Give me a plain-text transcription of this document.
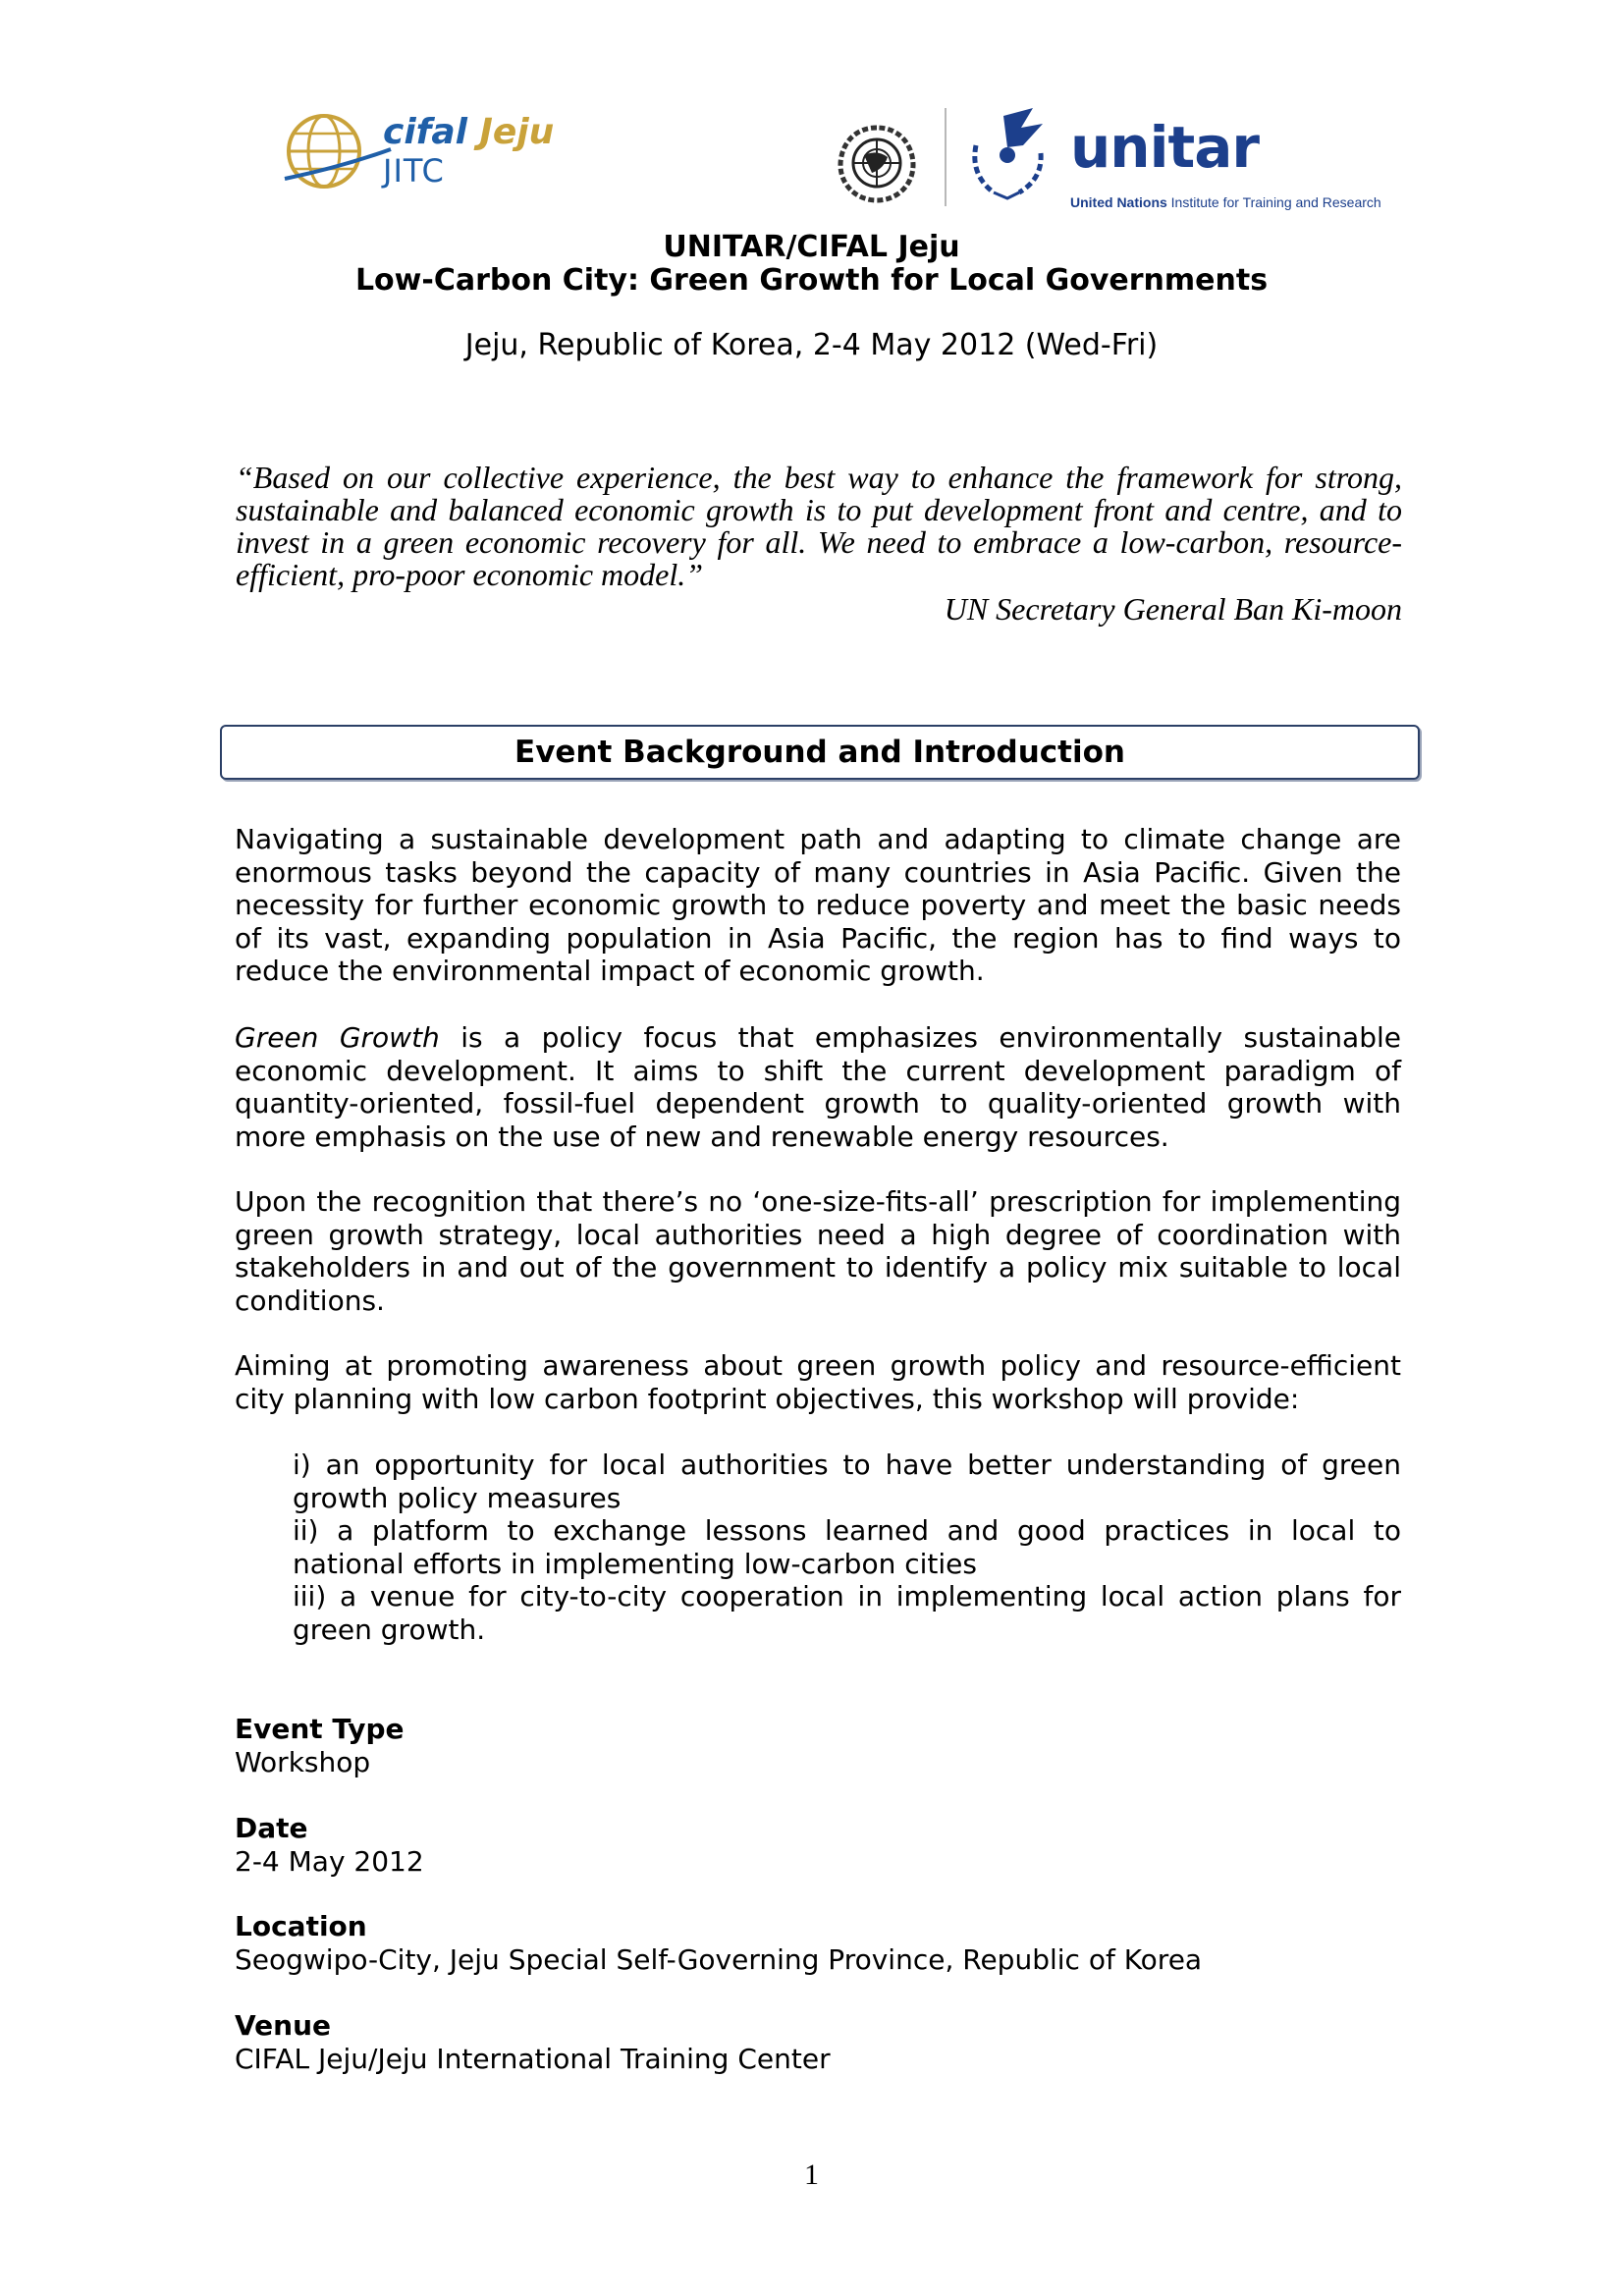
cifal Jeju
JITC	unitar
United Nations Institute for Training and Research
UNITAR/CIFAL Jeju
Low-Carbon City: Green Growth for Local Governments
Jeju, Republic of Korea, 2-4 May 2012 (Wed-Fri)
“Based on our collective experience, the best way to enhance the framework for strong, sustainable and balanced economic growth is to put development front and centre, and to invest in a green economic recovery for all. We need to embrace a low-carbon, resource-efficient, pro-poor economic model.”
UN Secretary General Ban Ki-moon
Event Background and Introduction
Navigating a sustainable development path and adapting to climate change are enormous tasks beyond the capacity of many countries in Asia Pacific. Given the necessity for further economic growth to reduce poverty and meet the basic needs of its vast, expanding population in Asia Pacific, the region has to find ways to reduce the environmental impact of economic growth.
Green Growth is a policy focus that emphasizes environmentally sustainable economic development. It aims to shift the current development paradigm of quantity-oriented, fossil-fuel dependent growth to quality-oriented growth with more emphasis on the use of new and renewable energy resources.
Upon the recognition that there’s no ‘one-size-fits-all’ prescription for implementing green growth strategy, local authorities need a high degree of coordination with stakeholders in and out of the government to identify a policy mix suitable to local conditions.
Aiming at promoting awareness about green growth policy and resource-efficient city planning with low carbon footprint objectives, this workshop will provide:
i) an opportunity for local authorities to have better understanding of green growth policy measures
ii) a platform to exchange lessons learned and good practices in local to national efforts in implementing low-carbon cities
iii) a venue for city-to-city cooperation in implementing local action plans for green growth.
Event Type
Workshop
Date
2-4 May 2012
Location
Seogwipo-City, Jeju Special Self-Governing Province, Republic of Korea
Venue
CIFAL Jeju/Jeju International Training Center
1
